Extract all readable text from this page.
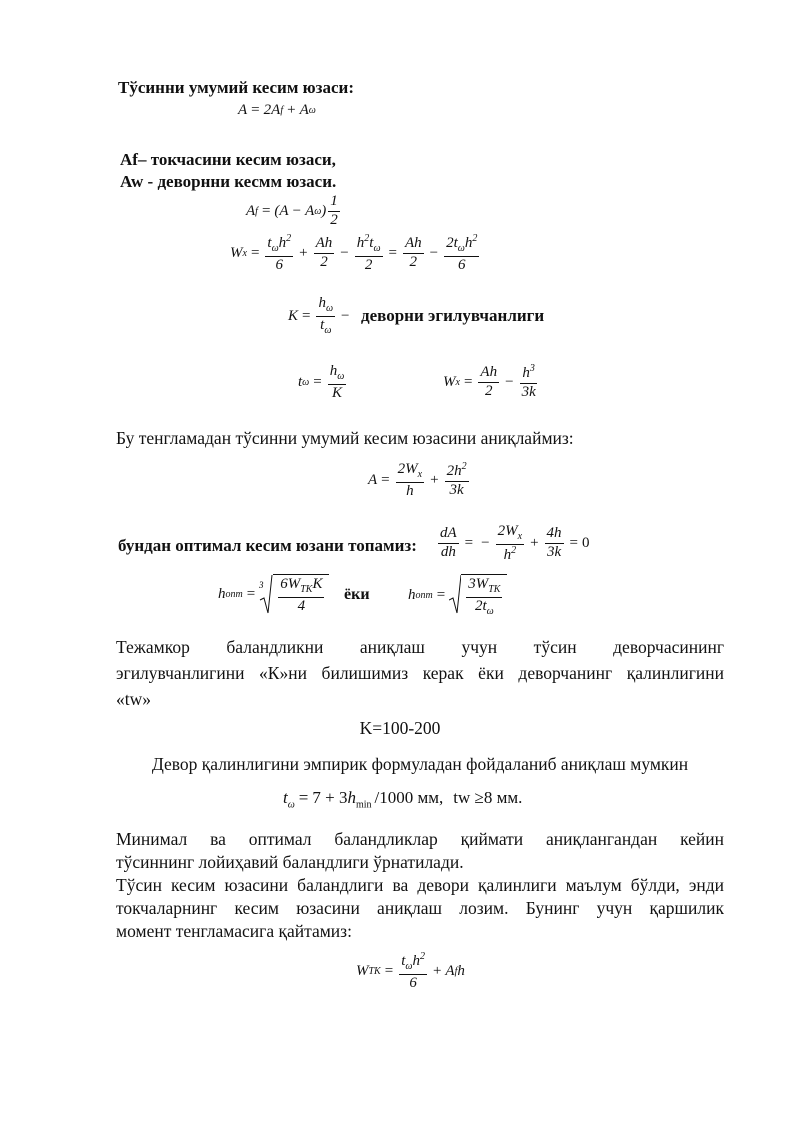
Тўсинни умумий кесим юзаси:
A = 2A f + A ω
Af– токчасини кесим юзаси,
Aw - деворнни кесмм юзаси.
A f = (A − A ω ) $\frac{1}{2}$
W $x = \frac{t_\omega h^2}{6} + \frac{Ah}{2} - \frac{h^2t_\omega}{2} = \frac{Ah}{2} - \frac{2t_\omega h^2}{6}$
$K = \frac{h_\omega}{t_\omega}$ − деворни эгилувчанлиги
t $\omega = \frac{h_\omega}{K}$	W $x = \frac{Ah}{2} - \frac{h^3}{3k}$
Бу тенгламадан тўсинни умумий кесим юзасини аниқлаймиз:
$A = \frac{2W_x}{h} + \frac{2h^2}{3k}$
бундан оптимал кесим юзани топамиз: $\frac{dA}{dh}$ = − $\frac{2W_x}{h^2} + \frac{4h}{3k} = 0$
h опт =
$3 \frac{6W_{TK}K}{4}$ ёки	h опт = $\frac{3W_{TK}}{2t_\omega}$
Тежамкор баландликни аниқлаш учун тўсин деворчасининг
эгилувчанлигини «К»ни билишимиз керак ёки деворчанинг қалинлигини
«tw»
K=100-200
Девор қалинлигини эмпирик формуладан фойдаланиб аниқлаш мумкин
$t_\omega = 7 + 3h_{min}$ /1000 мм, tw ≥8 мм.
Минимал ва оптимал баландликлар қиймати аниқлангандан кейин
тўсиннинг лойиҳавий баландлиги ўрнатилади.
Тўсин кесим юзасини баландлиги ва девори қалинлиги маълум бўлди, энди
токчаларнинг кесим юзасини аниқлаш лозим. Бунинг учун қаршилик
момент тенгламасига қайтамиз:
W TK = $\frac{t_\omega h^2}{6} + A$ f h
